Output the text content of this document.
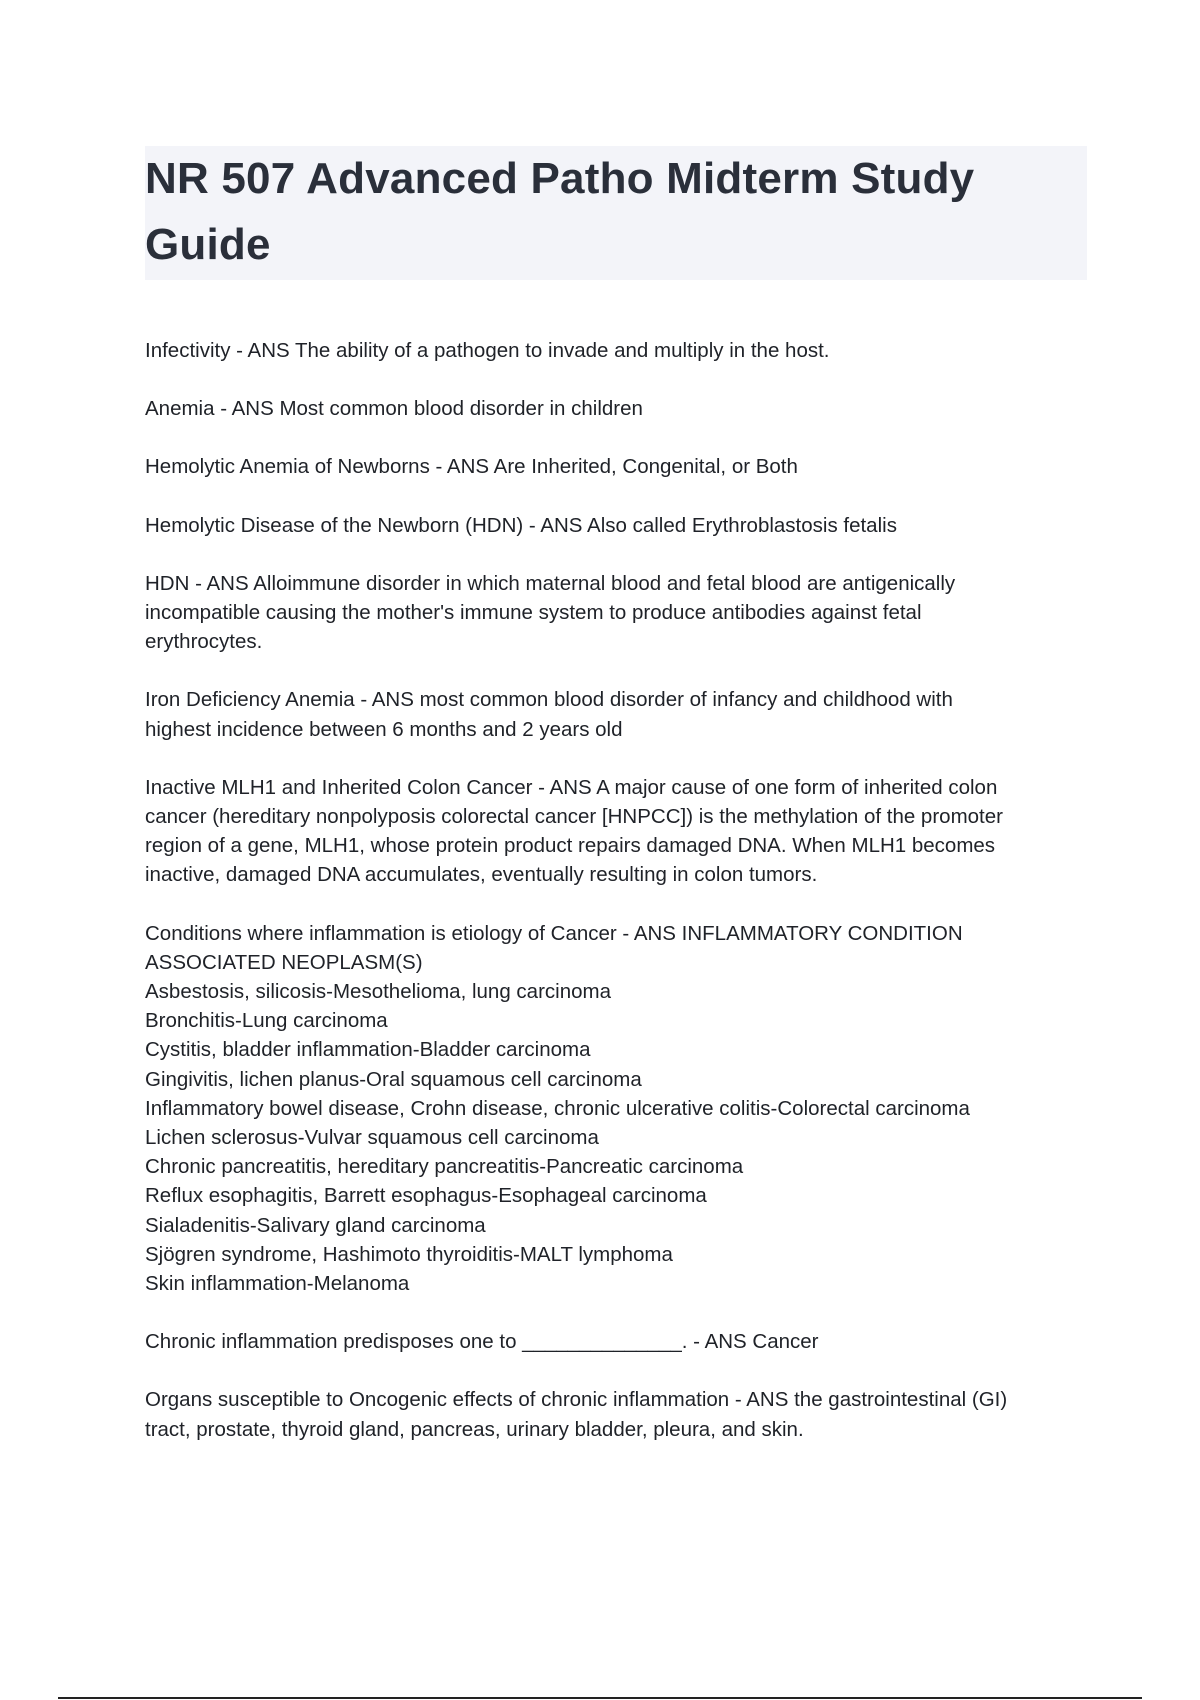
NR 507 Advanced Patho Midterm Study Guide

Infectivity - ANS The ability of a pathogen to invade and multiply in the host.

Anemia - ANS Most common blood disorder in children

Hemolytic Anemia of Newborns - ANS Are Inherited, Congenital, or Both

Hemolytic Disease of the Newborn (HDN) - ANS Also called Erythroblastosis fetalis

HDN - ANS Alloimmune disorder in which maternal blood and fetal blood are antigenically
incompatible causing the mother's immune system to produce antibodies against fetal
erythrocytes.

Iron Deficiency Anemia - ANS most common blood disorder of infancy and childhood with
highest incidence between 6 months and 2 years old

Inactive MLH1 and Inherited Colon Cancer - ANS A major cause of one form of inherited colon
cancer (hereditary nonpolyposis colorectal cancer [HNPCC]) is the methylation of the promoter
region of a gene, MLH1, whose protein product repairs damaged DNA. When MLH1 becomes
inactive, damaged DNA accumulates, eventually resulting in colon tumors.

Conditions where inflammation is etiology of Cancer - ANS INFLAMMATORY CONDITION
ASSOCIATED NEOPLASM(S)
Asbestosis, silicosis-Mesothelioma, lung carcinoma
Bronchitis-Lung carcinoma
Cystitis, bladder inflammation-Bladder carcinoma
Gingivitis, lichen planus-Oral squamous cell carcinoma
Inflammatory bowel disease, Crohn disease, chronic ulcerative colitis-Colorectal carcinoma
Lichen sclerosus-Vulvar squamous cell carcinoma
Chronic pancreatitis, hereditary pancreatitis-Pancreatic carcinoma
Reflux esophagitis, Barrett esophagus-Esophageal carcinoma
Sialadenitis-Salivary gland carcinoma
Sjögren syndrome, Hashimoto thyroiditis-MALT lymphoma
Skin inflammation-Melanoma

Chronic inflammation predisposes one to ______________. - ANS Cancer

Organs susceptible to Oncogenic effects of chronic inflammation - ANS the gastrointestinal (GI)
tract, prostate, thyroid gland, pancreas, urinary bladder, pleura, and skin.
